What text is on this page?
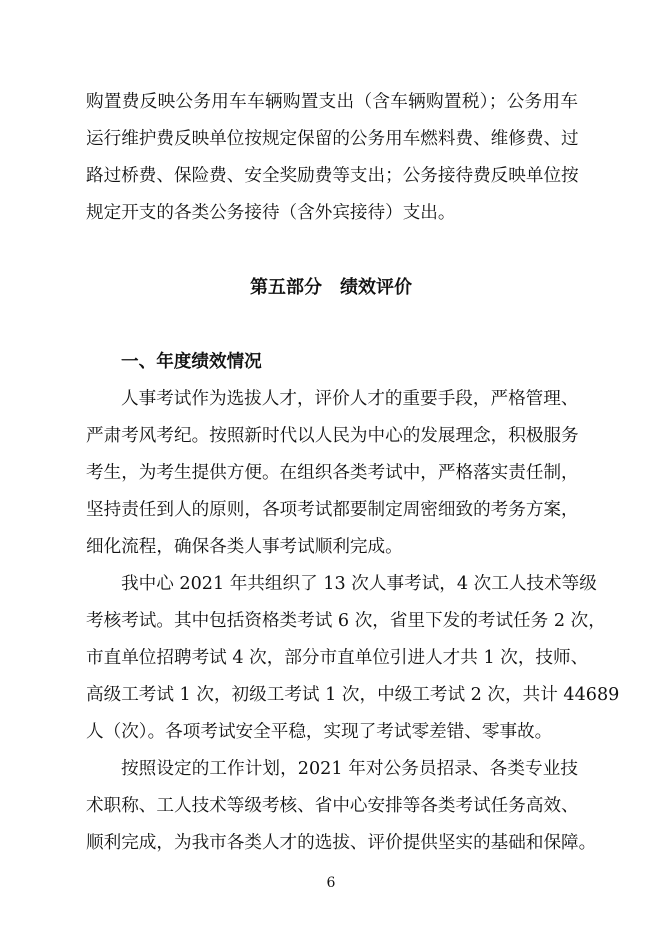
购置费反映公务用车车辆购置支出（含车辆购置税）；公务用车
运行维护费反映单位按规定保留的公务用车燃料费、维修费、过
路过桥费、保险费、安全奖励费等支出；公务接待费反映单位按
规定开支的各类公务接待（含外宾接待）支出。
第五部分　绩效评价
一、年度绩效情况
人事考试作为选拔人才，评价人才的重要手段，严格管理、
严肃考风考纪。按照新时代以人民为中心的发展理念，积极服务
考生，为考生提供方便。在组织各类考试中，严格落实责任制，
坚持责任到人的原则，各项考试都要制定周密细致的考务方案，
细化流程，确保各类人事考试顺利完成。
我中心 2021 年共组织了 13 次人事考试，4 次工人技术等级
考核考试。其中包括资格类考试 6 次，省里下发的考试任务 2 次，
市直单位招聘考试 4 次，部分市直单位引进人才共 1 次，技师、
高级工考试 1 次，初级工考试 1 次，中级工考试 2 次，共计 44689
人（次）。各项考试安全平稳，实现了考试零差错、零事故。
按照设定的工作计划，2021 年对公务员招录、各类专业技
术职称、工人技术等级考核、省中心安排等各类考试任务高效、
顺利完成，为我市各类人才的选拔、评价提供坚实的基础和保障。
6
